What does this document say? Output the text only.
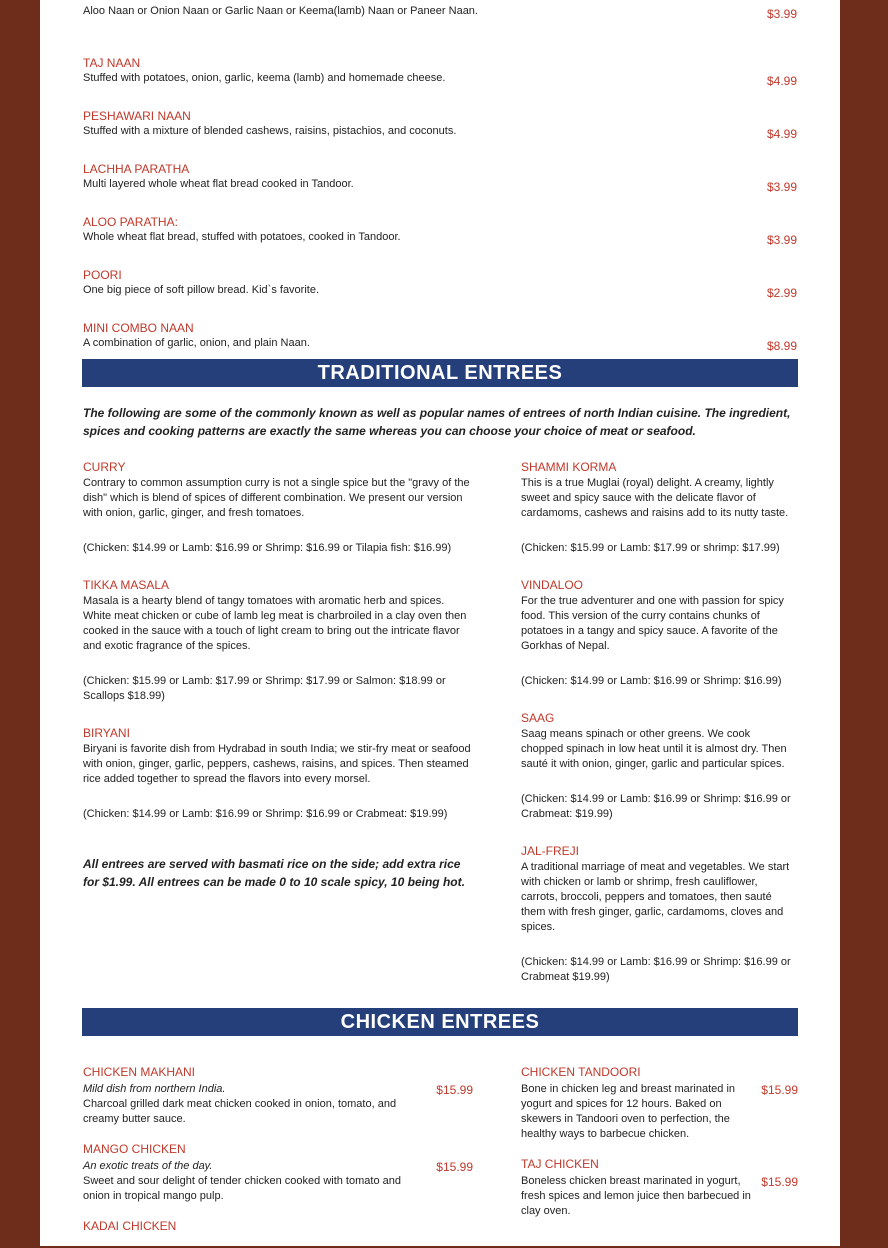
Aloo Naan or Onion Naan or Garlic Naan or Keema(lamb) Naan or Paneer Naan.	$3.99
TAJ NAAN
Stuffed with potatoes, onion, garlic, keema (lamb) and homemade cheese.	$4.99
PESHAWARI NAAN
Stuffed with a mixture of blended cashews, raisins, pistachios, and coconuts.	$4.99
LACHHA PARATHA
Multi layered whole wheat flat bread cooked in Tandoor.	$3.99
ALOO PARATHA:
Whole wheat flat bread, stuffed with potatoes, cooked in Tandoor.	$3.99
POORI
One big piece of soft pillow bread. Kid`s favorite.	$2.99
MINI COMBO NAAN
A combination of garlic, onion, and plain Naan.	$8.99
TRADITIONAL ENTREES
The following are some of the commonly known as well as popular names of entrees of north Indian cuisine. The ingredient, spices and cooking patterns are exactly the same whereas you can choose your choice of meat or seafood.
CURRY
Contrary to common assumption curry is not a single spice but the "gravy of the dish" which is blend of spices of different combination. We present our version with onion, garlic, ginger, and fresh tomatoes.
(Chicken: $14.99 or Lamb: $16.99 or Shrimp: $16.99 or Tilapia fish: $16.99)
TIKKA MASALA
Masala is a hearty blend of tangy tomatoes with aromatic herb and spices. White meat chicken or cube of lamb leg meat is charbroiled in a clay oven then cooked in the sauce with a touch of light cream to bring out the intricate flavor and exotic fragrance of the spices.
(Chicken: $15.99 or Lamb: $17.99 or Shrimp: $17.99 or Salmon: $18.99 or Scallops $18.99)
BIRYANI
Biryani is favorite dish from Hydrabad in south India; we stir-fry meat or seafood with onion, ginger, garlic, peppers, cashews, raisins, and spices. Then steamed rice added together to spread the flavors into every morsel.
(Chicken: $14.99 or Lamb: $16.99 or Shrimp: $16.99 or Crabmeat: $19.99)
All entrees are served with basmati rice on the side; add extra rice for $1.99. All entrees can be made 0 to 10 scale spicy, 10 being hot.
SHAMMI KORMA
This is a true Muglai (royal) delight. A creamy, lightly sweet and spicy sauce with the delicate flavor of cardamoms, cashews and raisins add to its nutty taste.
(Chicken: $15.99 or Lamb: $17.99 or shrimp: $17.99)
VINDALOO
For the true adventurer and one with passion for spicy food. This version of the curry contains chunks of potatoes in a tangy and spicy sauce. A favorite of the Gorkhas of Nepal.
(Chicken: $14.99 or Lamb: $16.99 or Shrimp: $16.99)
SAAG
Saag means spinach or other greens. We cook chopped spinach in low heat until it is almost dry. Then sauté it with onion, ginger, garlic and particular spices.
(Chicken: $14.99 or Lamb: $16.99 or Shrimp: $16.99 or Crabmeat: $19.99)
JAL-FREJI
A traditional marriage of meat and vegetables. We start with chicken or lamb or shrimp, fresh cauliflower, carrots, broccoli, peppers and tomatoes, then sauté them with fresh ginger, garlic, cardamoms, cloves and spices.
(Chicken: $14.99 or Lamb: $16.99 or Shrimp: $16.99 or Crabmeat $19.99)
CHICKEN ENTREES
CHICKEN MAKHANI
Mild dish from northern India.
Charcoal grilled dark meat chicken cooked in onion, tomato, and creamy butter sauce.
$15.99
MANGO CHICKEN
An exotic treats of the day.
Sweet and sour delight of tender chicken cooked with tomato and onion in tropical mango pulp.
$15.99
KADAI CHICKEN
CHICKEN TANDOORI
Bone in chicken leg and breast marinated in yogurt and spices for 12 hours. Baked on skewers in Tandoori oven to perfection, the healthy ways to barbecue chicken.
$15.99
TAJ CHICKEN
Boneless chicken breast marinated in yogurt, fresh spices and lemon juice then barbecued in clay oven.
$15.99
